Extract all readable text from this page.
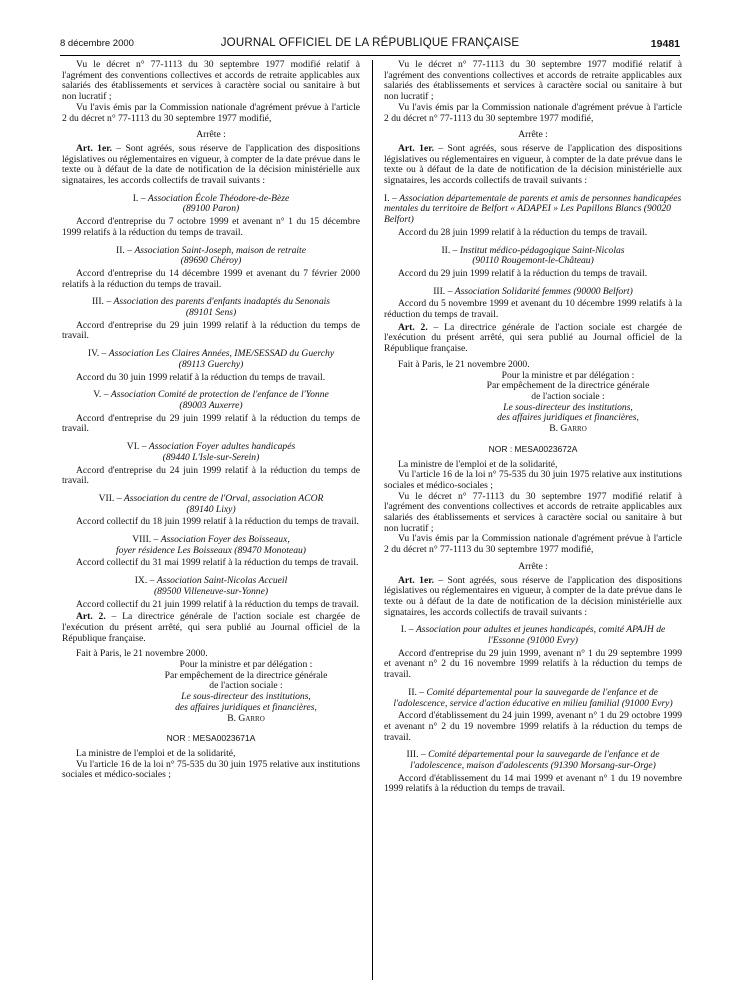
8 décembre 2000	JOURNAL OFFICIEL DE LA RÉPUBLIQUE FRANÇAISE	19481

Vu le décret n° 77-1113 du 30 septembre 1977 modifié relatif à l'agrément des conventions collectives et accords de retraite applicables aux salariés des établissements et services à caractère social ou sanitaire à but non lucratif ;

Vu l'avis émis par la Commission nationale d'agrément prévue à l'article 2 du décret n° 77-1113 du 30 septembre 1977 modifié,

Arrête :

Art. 1er. – Sont agréés, sous réserve de l'application des dispositions législatives ou réglementaires en vigueur, à compter de la date prévue dans le texte ou à défaut de la date de notification de la décision ministérielle aux signataires, les accords collectifs de travail suivants :

I. – Association École Théodore-de-Bèze
(89100 Paron)

Accord d'entreprise du 7 octobre 1999 et avenant n° 1 du 15 décembre 1999 relatifs à la réduction du temps de travail.

II. – Association Saint-Joseph, maison de retraite
(89690 Chéroy)

Accord d'entreprise du 14 décembre 1999 et avenant du 7 février 2000 relatifs à la réduction du temps de travail.

III. – Association des parents d'enfants inadaptés du Senonais
(89101 Sens)

Accord d'entreprise du 29 juin 1999 relatif à la réduction du temps de travail.

IV. – Association Les Claires Années, IME/SESSAD du Guerchy
(89113 Guerchy)

Accord du 30 juin 1999 relatif à la réduction du temps de travail.

V. – Association Comité de protection de l'enfance de l'Yonne
(89003 Auxerre)

Accord d'entreprise du 29 juin 1999 relatif à la réduction du temps de travail.

VI. – Association Foyer adultes handicapés
(89440 L'Isle-sur-Serein)

Accord d'entreprise du 24 juin 1999 relatif à la réduction du temps de travail.

VII. – Association du centre de l'Orval, association ACOR
(89140 Lixy)

Accord collectif du 18 juin 1999 relatif à la réduction du temps de travail.

VIII. – Association Foyer des Boisseaux,
foyer résidence Les Boisseaux (89470 Monoteau)

Accord collectif du 31 mai 1999 relatif à la réduction du temps de travail.

IX. – Association Saint-Nicolas Accueil
(89500 Villeneuve-sur-Yonne)

Accord collectif du 21 juin 1999 relatif à la réduction du temps de travail.

Art. 2. – La directrice générale de l'action sociale est chargée de l'exécution du présent arrêté, qui sera publié au Journal officiel de la République française.

Fait à Paris, le 21 novembre 2000.

Pour la ministre et par délégation :

Par empêchement de la directrice générale

de l'action sociale :

Le sous-directeur des institutions,

des affaires juridiques et financières,

B. Garro

NOR : MESA0023671A

La ministre de l'emploi et de la solidarité,

Vu l'article 16 de la loi n° 75-535 du 30 juin 1975 relative aux institutions sociales et médico-sociales ;

Vu le décret n° 77-1113 du 30 septembre 1977 modifié relatif à l'agrément des conventions collectives et accords de retraite applicables aux salariés des établissements et services à caractère social ou sanitaire à but non lucratif ;

Vu l'avis émis par la Commission nationale d'agrément prévue à l'article 2 du décret n° 77-1113 du 30 septembre 1977 modifié,

Arrête :

Art. 1er. – Sont agréés, sous réserve de l'application des dispositions législatives ou réglementaires en vigueur, à compter de la date prévue dans le texte ou à défaut de la date de notification de la décision ministérielle aux signataires, les accords collectifs de travail suivants :

I. – Association départementale de parents et amis de personnes handicapées mentales du territoire de Belfort « ADAPEI » Les Papillons Blancs (90020 Belfort)

Accord du 28 juin 1999 relatif à la réduction du temps de travail.

II. – Institut médico-pédagogique Saint-Nicolas
(90110 Rougemont-le-Château)

Accord du 29 juin 1999 relatif à la réduction du temps de travail.

III. – Association Solidarité femmes (90000 Belfort)

Accord du 5 novembre 1999 et avenant du 10 décembre 1999 relatifs à la réduction du temps de travail.

Art. 2. – La directrice générale de l'action sociale est chargée de l'exécution du présent arrêté, qui sera publié au Journal officiel de la République française.

Fait à Paris, le 21 novembre 2000.

Pour la ministre et par délégation :

Par empêchement de la directrice générale

de l'action sociale :

Le sous-directeur des institutions,

des affaires juridiques et financières,

B. Garro

NOR : MESA0023672A

La ministre de l'emploi et de la solidarité,

Vu l'article 16 de la loi n° 75-535 du 30 juin 1975 relative aux institutions sociales et médico-sociales ;

Vu le décret n° 77-1113 du 30 septembre 1977 modifié relatif à l'agrément des conventions collectives et accords de retraite applicables aux salariés des établissements et services à caractère social ou sanitaire à but non lucratif ;

Vu l'avis émis par la Commission nationale d'agrément prévue à l'article 2 du décret n° 77-1113 du 30 septembre 1977 modifié,

Arrête :

Art. 1er. – Sont agréés, sous réserve de l'application des dispositions législatives ou réglementaires en vigueur, à compter de la date prévue dans le texte ou à défaut de la date de notification de la décision ministérielle aux signataires, les accords collectifs de travail suivants :

I. – Association pour adultes et jeunes handicapés, comité APAJH de l'Essonne (91000 Evry)

Accord d'entreprise du 29 juin 1999, avenant n° 1 du 29 septembre 1999 et avenant n° 2 du 16 novembre 1999 relatifs à la réduction du temps de travail.

II. – Comité départemental pour la sauvegarde de l'enfance et de l'adolescence, service d'action éducative en milieu familial (91000 Evry)

Accord d'établissement du 24 juin 1999, avenant n° 1 du 29 octobre 1999 et avenant n° 2 du 19 novembre 1999 relatifs à la réduction du temps de travail.

III. – Comité départemental pour la sauvegarde de l'enfance et de l'adolescence, maison d'adolescents (91390 Morsang-sur-Orge)

Accord d'établissement du 14 mai 1999 et avenant n° 1 du 19 novembre 1999 relatifs à la réduction du temps de travail.
